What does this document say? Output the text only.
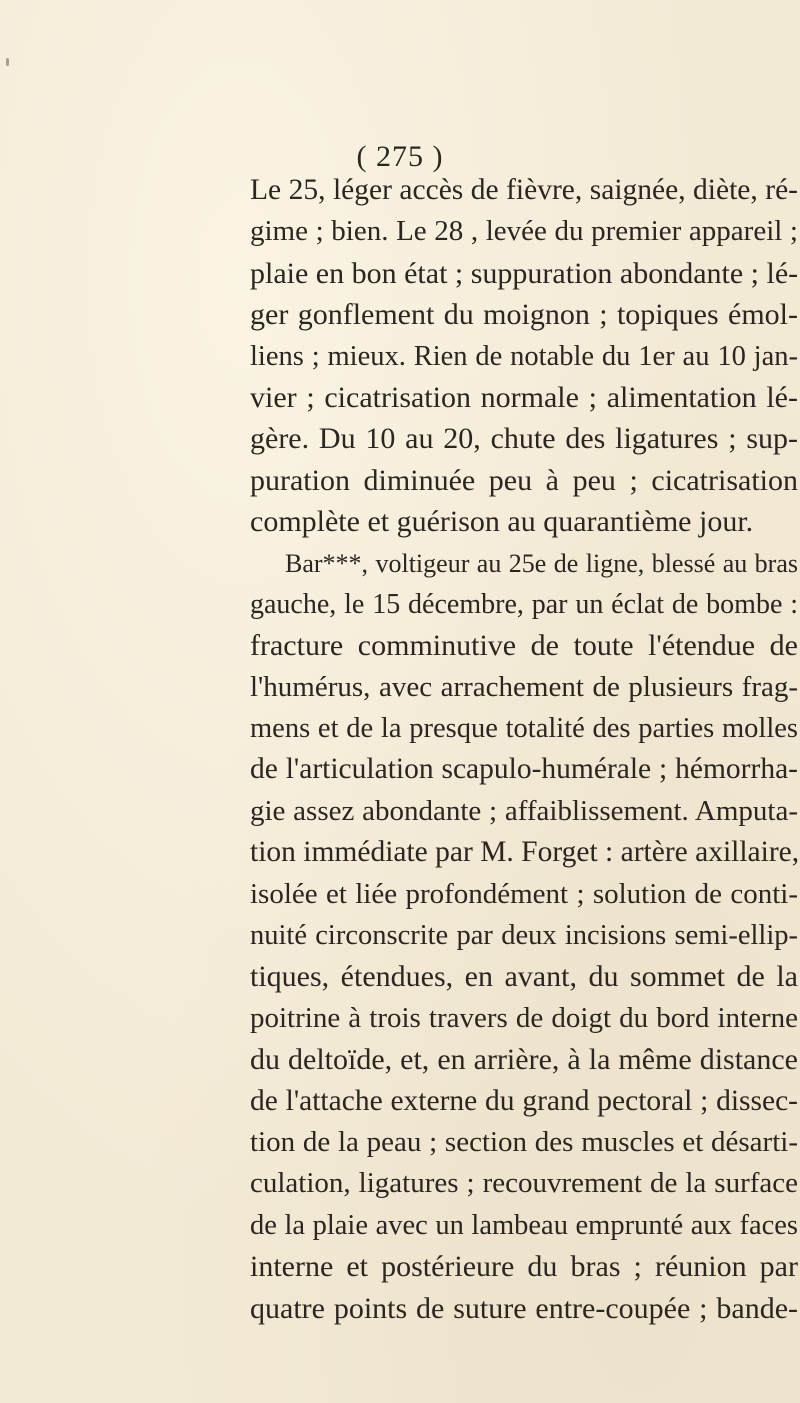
( 275 )
Le 25, léger accès de fièvre, saignée, diète, ré-
gime ; bien. Le 28 , levée du premier appareil ;
plaie en bon état ; suppuration abondante ; lé-
ger gonflement du moignon ; topiques émol-
liens ; mieux. Rien de notable du 1er au 10 jan-
vier ; cicatrisation normale ; alimentation lé-
gère. Du 10 au 20, chute des ligatures ; sup-
puration diminuée peu à peu ; cicatrisation
complète et guérison au quarantième jour.
Bar***, voltigeur au 25e de ligne, blessé au bras
gauche, le 15 décembre, par un éclat de bombe :
fracture comminutive de toute l'étendue de
l'humérus, avec arrachement de plusieurs frag-
mens et de la presque totalité des parties molles
de l'articulation scapulo-humérale ; hémorrha-
gie assez abondante ; affaiblissement. Amputa-
tion immédiate par M. Forget : artère axillaire,
isolée et liée profondément ; solution de conti-
nuité circonscrite par deux incisions semi-ellip-
tiques, étendues, en avant, du sommet de la
poitrine à trois travers de doigt du bord interne
du deltoïde, et, en arrière, à la même distance
de l'attache externe du grand pectoral ; dissec-
tion de la peau ; section des muscles et désarti-
culation, ligatures ; recouvrement de la surface
de la plaie avec un lambeau emprunté aux faces
interne et postérieure du bras ; réunion par
quatre points de suture entre-coupée ; bande-
